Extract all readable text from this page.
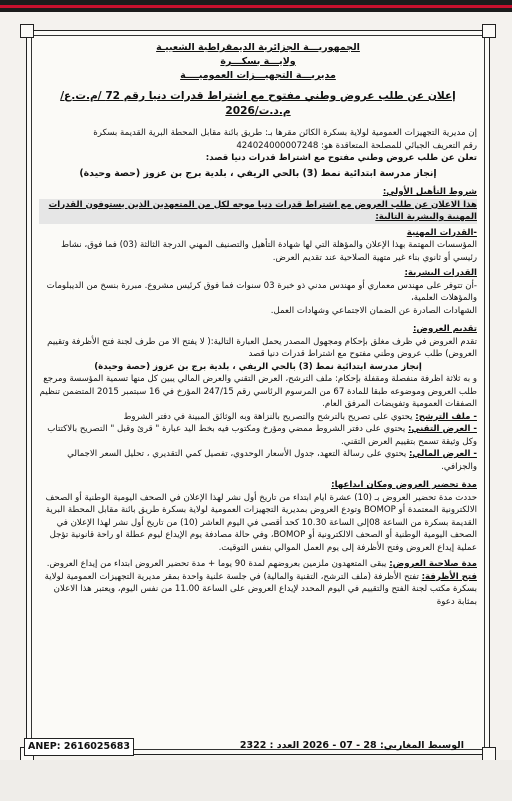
الجمهوريـــة الجزائرية الديمقراطية الشعبيـة
ولايـــة بسكـــرة
مديريـــة التجهيـــزات العموميــــة
إعلان عن طلب عروض وطني مفتوح مع اشتراط قدرات دنيا رقم 72 /م.ت.ع/م.د.ت/2026

إن مديرية التجهيزات العمومية لولاية بسكرة الكائن مقرها بـ: طريق بائنة مقابل المحطة البرية القديمة بسكرة

رقم التعريف الجبائي للمصلحة المتعاقدة هو: 424024000007248

تعلن عن طلب عروض وطني مفتوح مع اشتراط قدرات دنيا قصد:

إنجاز مدرسة ابتدائية نمط (3) بالحي الريفي ، بلدية برج بن عزوز (حصة وحيدة)

شروط التأهيل الأولي:

هذا الاعلان عن طلب العروض مع اشتراط قدرات دنيا موجه لكل من المتعهدين الذين يستوفون القدرات المهنية والبشرية التالية:

-القدرات المهنية

المؤسسات المهتمة بهذا الإعلان والمؤهلة التي لها شهادة التأهيل والتصنيف المهني الدرجة الثالثة (03) فما فوق، نشاط رئيسي أو ثانوي بناء غير متهية الصلاحية عند تقديم العرض.

القدرات البشرية:

-أن تتوفر على مهندس معماري أو مهندس مدني ذو خبرة 03 سنوات فما فوق كرئيس مشروع. مبررة بنسخ من الديبلومات والمؤهلات العلمية،

الشهادات الصادرة عن الضمان الاجتماعي وشهادات العمل.

تقديم العروض:

تقدم العروض في ظرف مغلق بإحكام ومجهول المصدر يحمل العبارة التالية:( لا يفتح الا من طرف لجنة فتح الأظرفة وتقييم العروض) طلب عروض وطني مفتوح مع اشتراط قدرات دنيا قصد

إنجاز مدرسة ابتدائية نمط (3) بالحي الريفي ، بلدية برج بن عزوز (حصة وحيدة)

و به ثلاثة اظرفة منفصلة ومقفلة بإحكام: ملف الترشح، العرض التقني والعرض المالي يبين كل منها تسمية المؤسسة ومرجع طلب العروض وموضوعه طبقا للمادة 67 من المرسوم الرئاسي رقم 247/15 المؤرخ في 16 سبتمبر 2015 المتضمن تنظيم الصفقات العمومية وتفويضات المرفق العام.

- ملف الترشح: يحتوي على تصريح بالترشح والتصريح بالنزاهة وبه الوثائق المبينة في دفتر الشروط

- العرض التقني: يحتوي على دفتر الشروط ممضي ومؤرخ ومكتوب فيه بخط اليد عبارة " قرئ وقبل " التصريح بالاكتتاب وكل وثيقة تسمح بتقييم العرض التقني.

- العرض المالي: يحتوي على رسالة التعهد، جدول الأسعار الوحدوي، تفصيل كمي التقديري ، تحليل السعر الاجمالي والجزافي.

مدة تحضير العروض ومكان ايداعها:

حددت مدة تحضير العروض بـ (10) عشرة ايام ابتداء من تاريخ أول نشر لهذا الإعلان في الصحف اليومية الوطنية أو الصحف الالكترونية المعتمدة أو BOMOP وتودع العروض بمديرية التجهيزات العمومية لولاية بسكرة طريق بائنة مقابل المحطة البرية القديمة بسكرة من الساعة 08إلى الساعة 10.30 كحد أقصى في اليوم العاشر (10) من تاريخ أول نشر لهذا الإعلان في الصحف اليومية الوطنية أو الصحف الالكترونية أو BOMOP، وفي حالة مصادفة يوم الإيداع ليوم عطلة او راحة قانونية تؤجل عملية إيداع العروض وفتح الأظرفة إلى يوم العمل الموالي بنفس التوقيت.

مدة صلاحية العروض: يبقى المتعهدون ملزمين بعروضهم لمدة 90 يوما + مدة تحضير العروض ابتداء من إيداع العروض.

فتح الأظرفة: تفتح الأظرفة (ملف الترشح، التقنية والمالية) في جلسة علنية واحدة بمقر مديرية التجهيزات العمومية لولاية بسكرة مكتب لجنة الفتح والتقييم في اليوم المحدد لإيداع العروض على الساعة 11.00 من نفس اليوم، ويعتبر هذا الاعلان بمثابة دعوة

الوسيط المغاربي: 28 - 07 - 2026 العدد : 2322
ANEP: 2616025683
